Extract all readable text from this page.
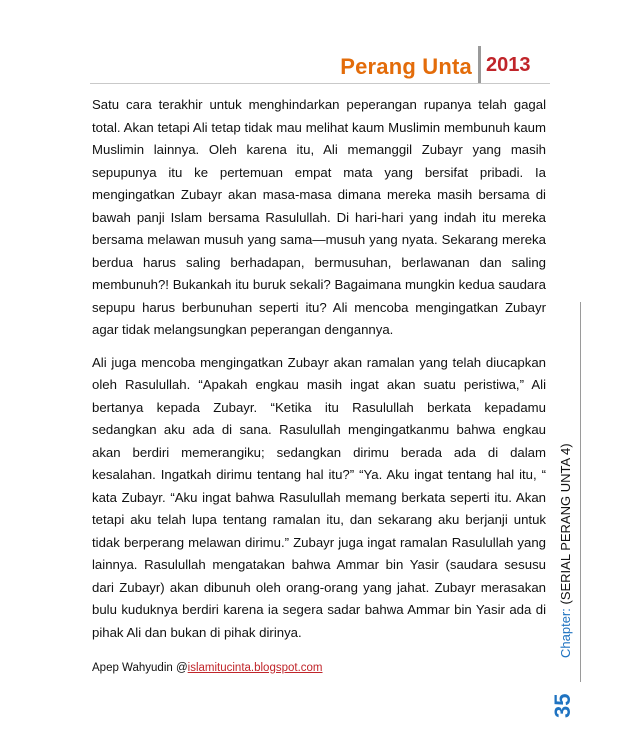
Perang Unta 2013

Satu cara terakhir untuk menghindarkan peperangan rupanya telah gagal total. Akan tetapi Ali tetap tidak mau melihat kaum Muslimin membunuh kaum Muslimin lainnya. Oleh karena itu, Ali memanggil Zubayr yang masih sepupunya itu ke pertemuan empat mata yang bersifat pribadi. Ia mengingatkan Zubayr akan masa-masa dimana mereka masih bersama di bawah panji Islam bersama Rasulullah. Di hari-hari yang indah itu mereka bersama melawan musuh yang sama—musuh yang nyata. Sekarang mereka berdua harus saling berhadapan, bermusuhan, berlawanan dan saling membunuh?! Bukankah itu buruk sekali? Bagaimana mungkin kedua saudara sepupu harus berbunuhan seperti itu? Ali mencoba mengingatkan Zubayr agar tidak melangsungkan peperangan dengannya.

Ali juga mencoba mengingatkan Zubayr akan ramalan yang telah diucapkan oleh Rasulullah. “Apakah engkau masih ingat akan suatu peristiwa,” Ali bertanya kepada Zubayr. “Ketika itu Rasulullah berkata kepadamu sedangkan aku ada di sana. Rasulullah mengingatkanmu bahwa engkau akan berdiri memerangiku; sedangkan dirimu berada ada di dalam kesalahan. Ingatkah dirimu tentang hal itu?” “Ya. Aku ingat tentang hal itu, “ kata Zubayr. “Aku ingat bahwa Rasulullah memang berkata seperti itu. Akan tetapi aku telah lupa tentang ramalan itu, dan sekarang aku berjanji untuk tidak berperang melawan dirimu.” Zubayr juga ingat ramalan Rasulullah yang lainnya. Rasulullah mengatakan bahwa Ammar bin Yasir (saudara sesusu dari Zubayr) akan dibunuh oleh orang-orang yang jahat. Zubayr merasakan bulu kuduknya berdiri karena ia segera sadar bahwa Ammar bin Yasir ada di pihak Ali dan bukan di pihak dirinya.	Chapter: (SERIAL PERANG UNTA 4)
35
Apep Wahyudin @islamitucinta.blogspot.com
